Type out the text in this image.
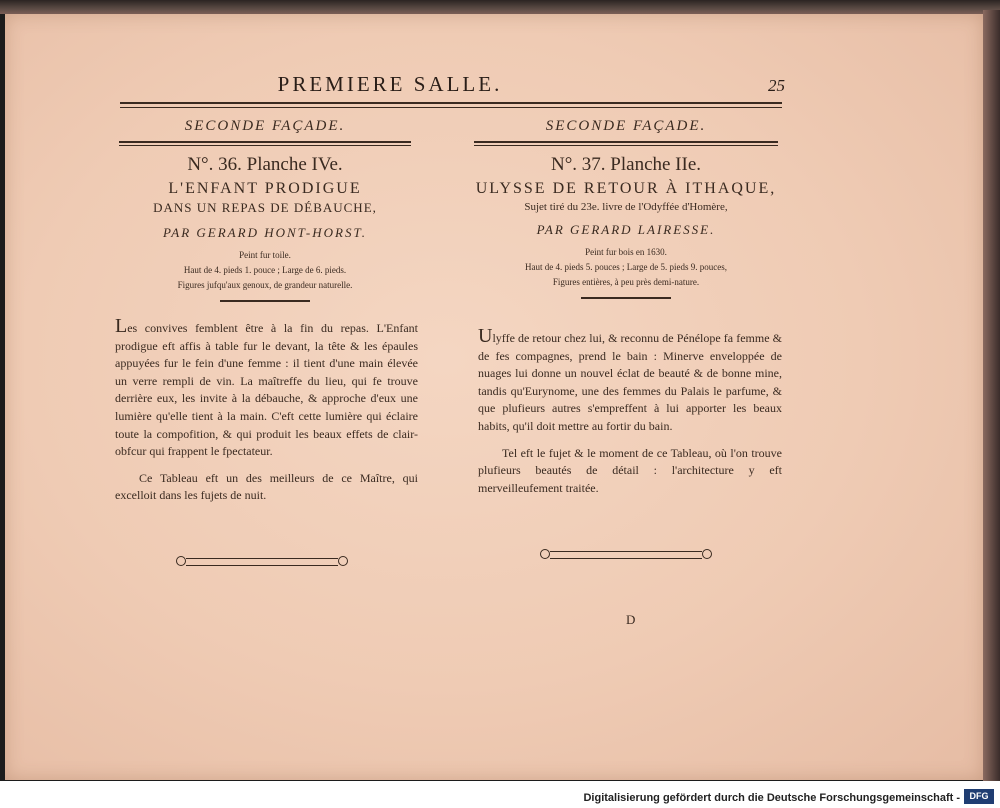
PREMIERE SALLE.	25
SECONDE FAÇADE.
N°. 36. Planche IVe.
L'ENFANT PRODIGUE
DANS UN REPAS DE DÉBAUCHE,
PAR GERARD HONT-HORST.
Peint fur toile.
Haut de 4. pieds 1. pouce ; Large de 6. pieds.
Figures jufqu'aux genoux, de grandeur naturelle.
SECONDE FAÇADE.
N°. 37. Planche IIe.
ULYSSE DE RETOUR À ITHAQUE,
Sujet tiré du 23e. livre de l'Odyffée d'Homère,
PAR GERARD LAIRESSE.
Peint fur bois en 1630.
Haut de 4. pieds 5. pouces ; Large de 5. pieds 9. pouces,
Figures entières, à peu près demi-nature.

Les convives femblent être à la fin du repas. L'Enfant prodigue eft affis à table fur le devant, la tête & les épaules appuyées fur le fein d'une femme : il tient d'une main élevée un verre rempli de vin. La maîtreffe du lieu, qui fe trouve derrière eux, les invite à la débauche, & approche d'eux une lumière qu'elle tient à la main. C'eft cette lumière qui éclaire toute la compofition, & qui produit les beaux effets de clair-obfcur qui frappent le fpectateur.

Ce Tableau eft un des meilleurs de ce Maître, qui excelloit dans les fujets de nuit.

Ulyffe de retour chez lui, & reconnu de Pénélope fa femme & de fes compagnes, prend le bain : Minerve enveloppée de nuages lui donne un nouvel éclat de beauté & de bonne mine, tandis qu'Eurynome, une des femmes du Palais le parfume, & que plufieurs autres s'empreffent à lui apporter les beaux habits, qu'il doit mettre au fortir du bain.

Tel eft le fujet & le moment de ce Tableau, où l'on trouve plufieurs beautés de détail : l'architecture y eft merveilleufement traitée.

D
Digitalisierung gefördert durch die Deutsche Forschungsgemeinschaft -	DFG
